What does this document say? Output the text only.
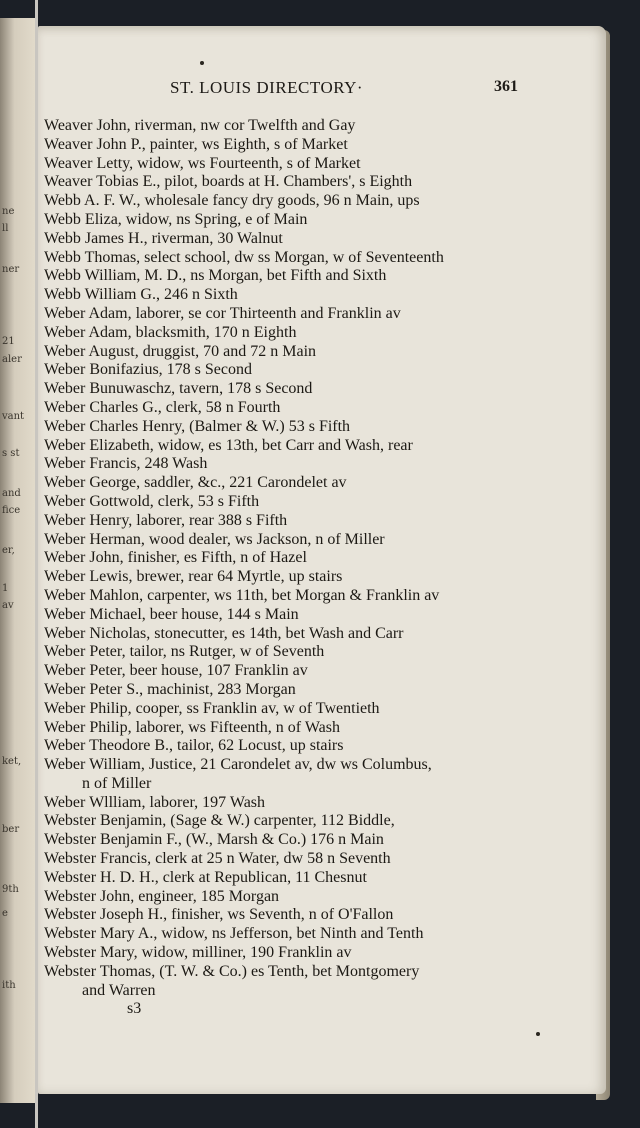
ne
ll
ner
21
aler
vant
s st
and
fice
er,
1
av
ket,
ber
9th
e
ith
ST. LOUIS DIRECTORY·	361
Weaver John, riverman, nw cor Twelfth and Gay
Weaver John P., painter, ws Eighth, s of Market
Weaver Letty, widow, ws Fourteenth, s of Market
Weaver Tobias E., pilot, boards at H. Chambers', s Eighth
Webb A. F. W., wholesale fancy dry goods, 96 n Main, ups
Webb Eliza, widow, ns Spring, e of Main
Webb James H., riverman, 30 Walnut
Webb Thomas, select school, dw ss Morgan, w of Seventeenth
Webb William, M. D., ns Morgan, bet Fifth and Sixth
Webb William G., 246 n Sixth
Weber Adam, laborer, se cor Thirteenth and Franklin av
Weber Adam, blacksmith, 170 n Eighth
Weber August, druggist, 70 and 72 n Main
Weber Bonifazius, 178 s Second
Weber Bunuwaschz, tavern, 178 s Second
Weber Charles G., clerk, 58 n Fourth
Weber Charles Henry, (Balmer & W.) 53 s Fifth
Weber Elizabeth, widow, es 13th, bet Carr and Wash, rear
Weber Francis, 248 Wash
Weber George, saddler, &c., 221 Carondelet av
Weber Gottwold, clerk, 53 s Fifth
Weber Henry, laborer, rear 388 s Fifth
Weber Herman, wood dealer, ws Jackson, n of Miller
Weber John, finisher, es Fifth, n of Hazel
Weber Lewis, brewer, rear 64 Myrtle, up stairs
Weber Mahlon, carpenter, ws 11th, bet Morgan & Franklin av
Weber Michael, beer house, 144 s Main
Weber Nicholas, stonecutter, es 14th, bet Wash and Carr
Weber Peter, tailor, ns Rutger, w of Seventh
Weber Peter, beer house, 107 Franklin av
Weber Peter S., machinist, 283 Morgan
Weber Philip, cooper, ss Franklin av, w of Twentieth
Weber Philip, laborer, ws Fifteenth, n of Wash
Weber Theodore B., tailor, 62 Locust, up stairs
Weber William, Justice, 21 Carondelet av, dw ws Columbus,
n of Miller
Weber Wllliam, laborer, 197 Wash
Webster Benjamin, (Sage & W.) carpenter, 112 Biddle,
Webster Benjamin F., (W., Marsh & Co.) 176 n Main
Webster Francis, clerk at 25 n Water, dw 58 n Seventh
Webster H. D. H., clerk at Republican, 11 Chesnut
Webster John, engineer, 185 Morgan
Webster Joseph H., finisher, ws Seventh, n of O'Fallon
Webster Mary A., widow, ns Jefferson, bet Ninth and Tenth
Webster Mary, widow, milliner, 190 Franklin av
Webster Thomas, (T. W. & Co.) es Tenth, bet Montgomery
and Warren
s3
